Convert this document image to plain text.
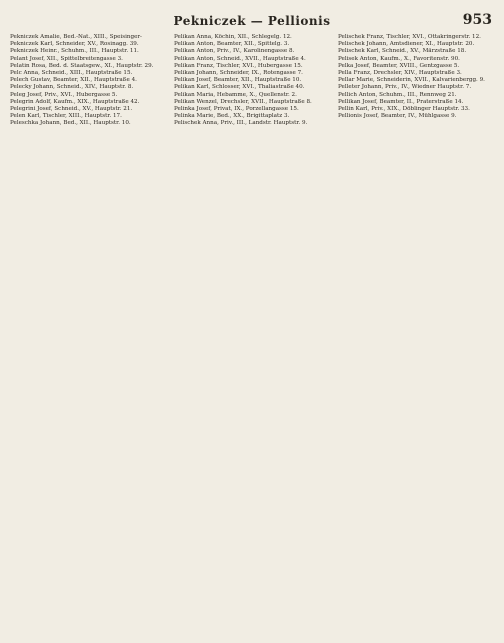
Pekniczek — Pellionis	953

Pekniczek Amalie, Bed.-Nat., XIII., Speisinger-

Pekniczek Karl, Schneider, XV., Rosinagg. 39.

Pekniczek Heinr., Schuhm., III., Hauptstr. 11.

Pelant Josef, XII., Spittelbreitengasse 3.

Pelatin Rosa, Bed. d. Staatsgew., XI., Hauptstr. 29.

Pelc Anna, Schneid., XIII., Hauptstraße 15.

Pelech Gustav, Beamter, XII., Hauptstraße 4.

Pelecky Johann, Schneid., XIV., Hauptstr. 8.

Peleg Josef, Priv., XVI., Hubergasse 5.

Pelegrin Adolf, Kaufm., XIX., Hauptstraße 42.

Pelegrini Josef, Schneid., XV., Hauptstr. 21.

Pelen Karl, Tischler, XIII., Hauptstr. 17.

Peleschka Johann, Bed., XII., Hauptstr. 10.

Pelikan Anna, Köchin, XII., Schlegelg. 12.

Pelikan Anton, Beamter, XII., Spittelg. 3.

Pelikan Anton, Priv., IV., Karolinengasse 8.

Pelikan Anton, Schneid., XVII., Hauptstraße 4.

Pelikan Franz, Tischler, XVI., Hubergasse 15.

Pelikan Johann, Schneider, IX., Rotengasse 7.

Pelikan Josef, Beamter, XII., Hauptstraße 10.

Pelikan Karl, Schlosser, XVI., Thaliastraße 40.

Pelikan Maria, Hebamme, X., Quellenstr. 2.

Pelikan Wenzel, Drechsler, XVII., Hauptstraße 8.

Pelinka Josef, Privat, IX., Porzellangasse 15.

Pelinka Marie, Bed., XX., Brigittaplatz 3.

Pelischek Anna, Priv., III., Landstr. Hauptstr. 9.

Pelischek Franz, Tischler, XVI., Ottakringerstr. 12.

Pelischek Johann, Amtsdiener, XI., Hauptstr. 20.

Pelischek Karl, Schneid., XV., Märzstraße 18.

Pelisek Anton, Kaufm., X., Favoritenstr. 90.

Pelka Josef, Beamter, XVIII., Gentzgasse 5.

Pella Franz, Drechsler, XIV., Hauptstraße 3.

Pellar Marie, Schneiderin, XVII., Kalvarienbergg. 9.

Pelleter Johann, Priv., IV., Wiedner Hauptstr. 7.

Pellich Anton, Schuhm., III., Rennweg 21.

Pellikan Josef, Beamter, II., Praterstraße 14.

Pellin Karl, Priv., XIX., Döblinger Hauptstr. 33.

Pellionis Josef, Beamter, IV., Mühlgasse 9.
